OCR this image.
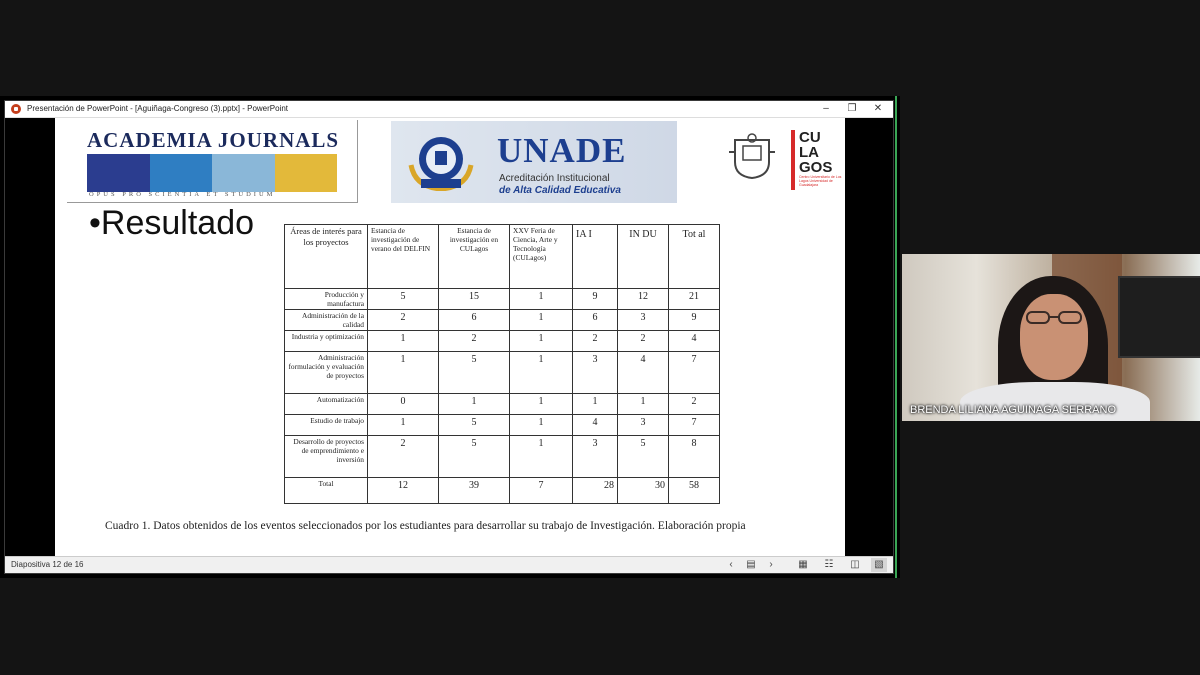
Presentación de PowerPoint - [Aguiñaga-Congreso (3).pptx] - PowerPoint	–	❐	✕
ACADEMIA JOURNALS
OPUS PRO SCIENTIA ET STUDIUM
UNADE
Acreditación Institucional
de Alta Calidad Educativa
CU
LA
GOS
Centro Universitario de Los Lagos Universidad de Guadalajara
•Resultado	Áreas de interés para los proyectos	Estancia de investigación de verano del DELFIN	Estancia de investigación en CULagos	XXV Feria de Ciencia, Arte y Tecnología (CULagos)	IA I	IN DU	Tot al
Producción y manufactura	5	15	1	9	12	21
Administración de la calidad	2	6	1	6	3	9
Industria y optimización	1	2	1	2	2	4
Administración formulación y evaluación de proyectos	1	5	1	3	4	7
Automatización	0	1	1	1	1	2
Estudio de trabajo	1	5	1	4	3	7
Desarrollo de proyectos de emprendimiento e inversión	2	5	1	3	5	8
Total	12	39	7	28	30	58
Cuadro 1. Datos obtenidos de los eventos seleccionados por los estudiantes para desarrollar su trabajo de Investigación. Elaboración propia
Diapositiva 12 de 16	‹	▤	›	▦	☷	◫	▧
BRENDA LILIANA AGUINAGA SERRANO
